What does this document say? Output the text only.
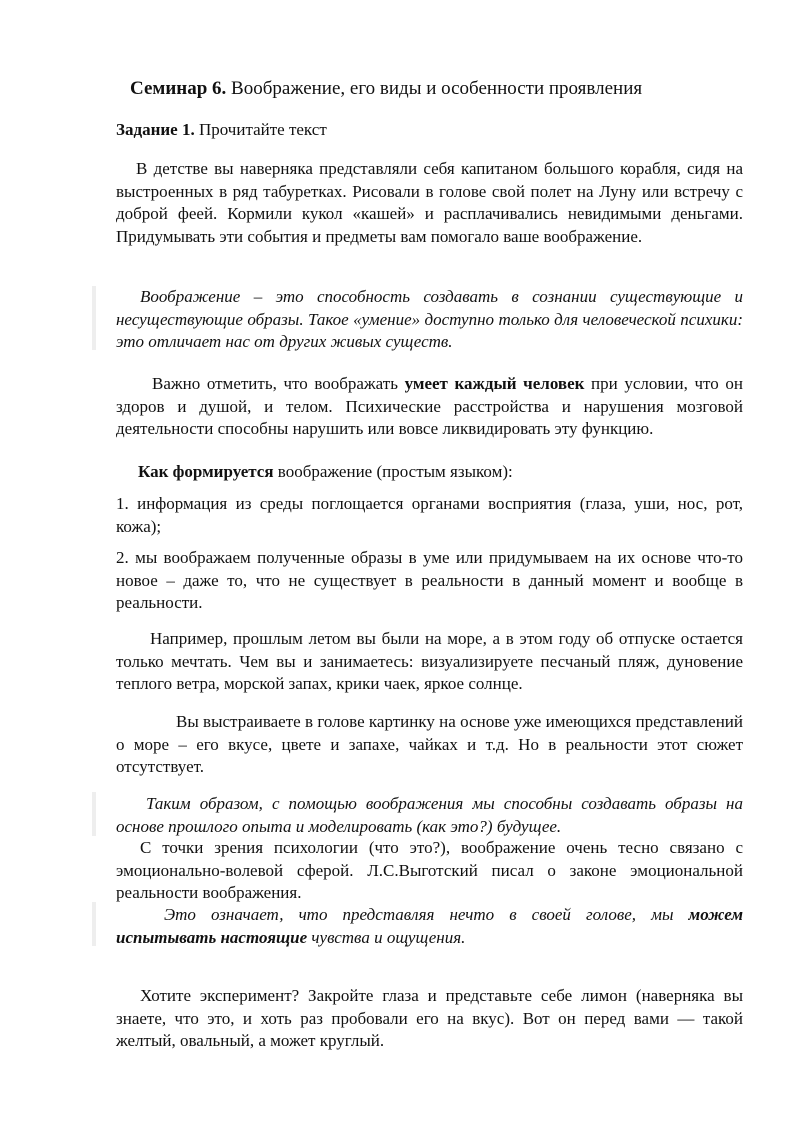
Семинар 6. Воображение, его виды и особенности проявления
Задание 1. Прочитайте текст
В детстве вы наверняка представляли себя капитаном большого корабля, сидя на выстроенных в ряд табуретках. Рисовали в голове свой полет на Луну или встречу с доброй феей. Кормили кукол «кашей» и расплачивались невидимыми деньгами. Придумывать эти события и предметы вам помогало ваше воображение.
Воображение – это способность создавать в сознании существующие и несуществующие образы. Такое «умение» доступно только для человеческой психики: это отличает нас от других живых существ.
Важно отметить, что воображать умеет каждый человек при условии, что он здоров и душой, и телом. Психические расстройства и нарушения мозговой деятельности способны нарушить или вовсе ликвидировать эту функцию.
Как формируется воображение (простым языком):
1. информация из среды поглощается органами восприятия (глаза, уши, нос, рот, кожа);
2. мы воображаем полученные образы в уме или придумываем на их основе что-то новое – даже то, что не существует в реальности в данный момент и вообще в реальности.
Например, прошлым летом вы были на море, а в этом году об отпуске остается только мечтать. Чем вы и занимаетесь: визуализируете песчаный пляж, дуновение теплого ветра, морской запах, крики чаек, яркое солнце.
Вы выстраиваете в голове картинку на основе уже имеющихся представлений о море – его вкусе, цвете и запахе, чайках и т.д. Но в реальности этот сюжет отсутствует.
Таким образом, с помощью воображения мы способны создавать образы на основе прошлого опыта и моделировать (как это?) будущее.
С точки зрения психологии (что это?), воображение очень тесно связано с эмоционально-волевой сферой. Л.С.Выготский писал о законе эмоциональной реальности воображения.
Это означает, что представляя нечто в своей голове, мы можем испытывать настоящие чувства и ощущения.
Хотите эксперимент? Закройте глаза и представьте себе лимон (наверняка вы знаете, что это, и хоть раз пробовали его на вкус). Вот он перед вами — такой желтый, овальный, а может круглый.
